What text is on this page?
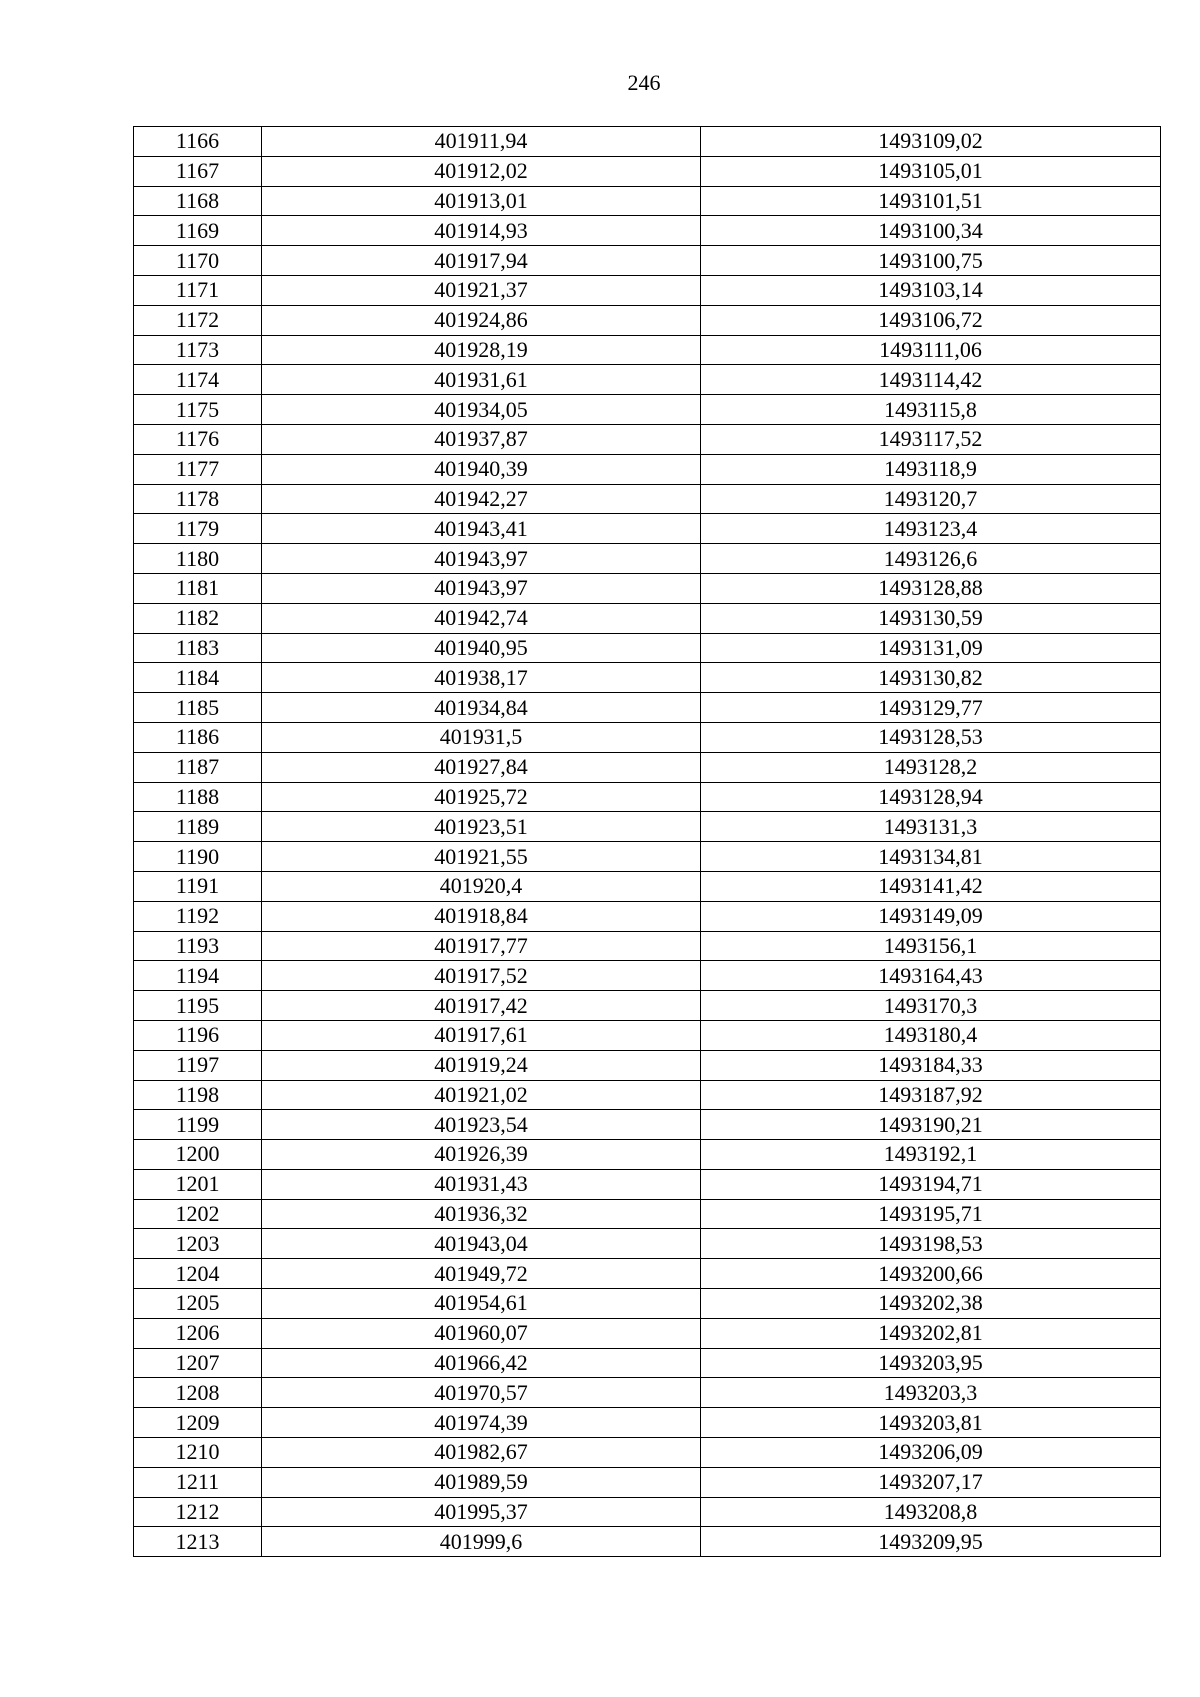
246
1166	401911,94	1493109,02
1167	401912,02	1493105,01
1168	401913,01	1493101,51
1169	401914,93	1493100,34
1170	401917,94	1493100,75
1171	401921,37	1493103,14
1172	401924,86	1493106,72
1173	401928,19	1493111,06
1174	401931,61	1493114,42
1175	401934,05	1493115,8
1176	401937,87	1493117,52
1177	401940,39	1493118,9
1178	401942,27	1493120,7
1179	401943,41	1493123,4
1180	401943,97	1493126,6
1181	401943,97	1493128,88
1182	401942,74	1493130,59
1183	401940,95	1493131,09
1184	401938,17	1493130,82
1185	401934,84	1493129,77
1186	401931,5	1493128,53
1187	401927,84	1493128,2
1188	401925,72	1493128,94
1189	401923,51	1493131,3
1190	401921,55	1493134,81
1191	401920,4	1493141,42
1192	401918,84	1493149,09
1193	401917,77	1493156,1
1194	401917,52	1493164,43
1195	401917,42	1493170,3
1196	401917,61	1493180,4
1197	401919,24	1493184,33
1198	401921,02	1493187,92
1199	401923,54	1493190,21
1200	401926,39	1493192,1
1201	401931,43	1493194,71
1202	401936,32	1493195,71
1203	401943,04	1493198,53
1204	401949,72	1493200,66
1205	401954,61	1493202,38
1206	401960,07	1493202,81
1207	401966,42	1493203,95
1208	401970,57	1493203,3
1209	401974,39	1493203,81
1210	401982,67	1493206,09
1211	401989,59	1493207,17
1212	401995,37	1493208,8
1213	401999,6	1493209,95
